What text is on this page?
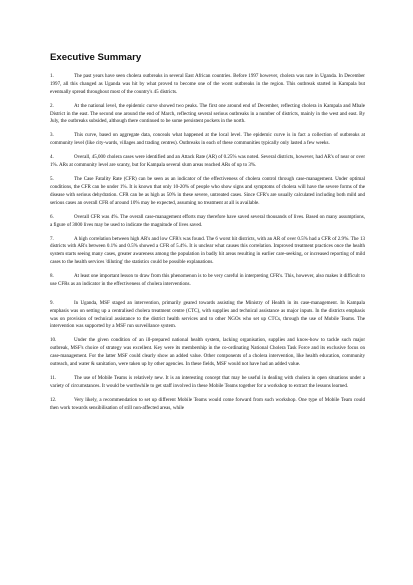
Executive Summary

1.	The past years have seen cholera outbreaks in several East African countries. Before 1997 however, cholera was rare in Uganda. In December 1997, all this changed as Uganda was hit by what proved to become one of the worst outbreaks in the region. This outbreak started in Kampala but eventually spread throughout most of the country's 45 districts.

2.	At the national level, the epidemic curve showed two peaks. The first one around end of December, reflecting cholera in Kampala and Mbale District in the east. The second one around the end of March, reflecting several serious outbreaks in a number of districts, mainly in the west and east. By July, the outbreaks subsided, although there continued to be some persistent pockets in the north.

3.	This curve, based on aggregate data, conceals what happened at the local level. The epidemic curve is in fact a collection of outbreaks at community level (like city-wards, villages and trading centres). Outbreaks in each of these communities typically only lasted a few weeks.

4.	Overall, 45,000 cholera cases were identified and an Attack Rate (AR) of 0.25% was noted. Several districts, however, had AR's of near or over 1%. ARs at community level are scanty, but for Kampala several slum areas reached ARs of up to 3%.

5.	The Case Fatality Rate (CFR) can be seen as an indicator of the effectiveness of cholera control through case-management. Under optimal conditions, the CFR can be under 1%. It is known that only 10-20% of people who show signs and symptoms of cholera will have the severe forms of the disease with serious dehydration. CFR can be as high as 50% in these severe, untreated cases. Since CFR's are usually calculated including both mild and serious cases an overall CFR of around 10% may be expected, assuming no treatment at all is available.

6.	Overall CFR was 4%. The overall case-management efforts may therefore have saved several thousands of lives. Based on many assumptions, a figure of 3000 lives may be used to indicate the magnitude of lives saved.

7.	A high correlation between high AR's and low CFR's was found. The 6 worst hit districts, with an AR of over 0.5% had a CFR of 2.9%. The 13 districts with AR's between 0.1% and 0.5% showed a CFR of 5.4%. It is unclear what causes this correlation. Improved treatment practices once the health system starts seeing many cases, greater awareness among the population in badly hit areas resulting in earlier care-seeking, or increased reporting of mild cases to the health services 'diluting' the statistics could be possible explanations.

8.	At least one important lesson to draw from this phenomenon is to be very careful in interpreting CFR's. This, however, also makes it difficult to use CFRs as an indicator in the effectiveness of cholera interventions.

9.	In Uganda, MSF staged an intervention, primarily geared towards assisting the Ministry of Health in its case-management. In Kampala emphasis was on setting up a centralised cholera treatment centre (CTC), with supplies and technical assistance as major inputs. In the districts emphasis was on provision of technical assistance to the district health services and to other NGOs who set up CTCs, through the use of Mobile Teams. The intervention was supported by a MSF run surveillance system.

10.	Under the given condition of an ill-prepared national health system, lacking organisation, supplies and know-how to tackle such major outbreak, MSF's choice of strategy was excellent. Key were its membership in the co-ordinating National Cholera Task Force and its exclusive focus on case-management. For the latter MSF could clearly show an added value. Other components of a cholera intervention, like health education, community outreach, and water & sanitation, were taken up by other agencies. In these fields, MSF would not have had an added value.

11.	The use of Mobile Teams is relatively new. It is an interesting concept that may be useful in dealing with cholera in open situations under a variety of circumstances. It would be worthwhile to get staff involved in these Mobile Teams together for a workshop to extract the lessons learned.

12.	Very likely, a recommendation to set up different Mobile Teams would come forward from such workshop. One type of Mobile Team could then work towards sensibilisation of still non-affected areas, while
